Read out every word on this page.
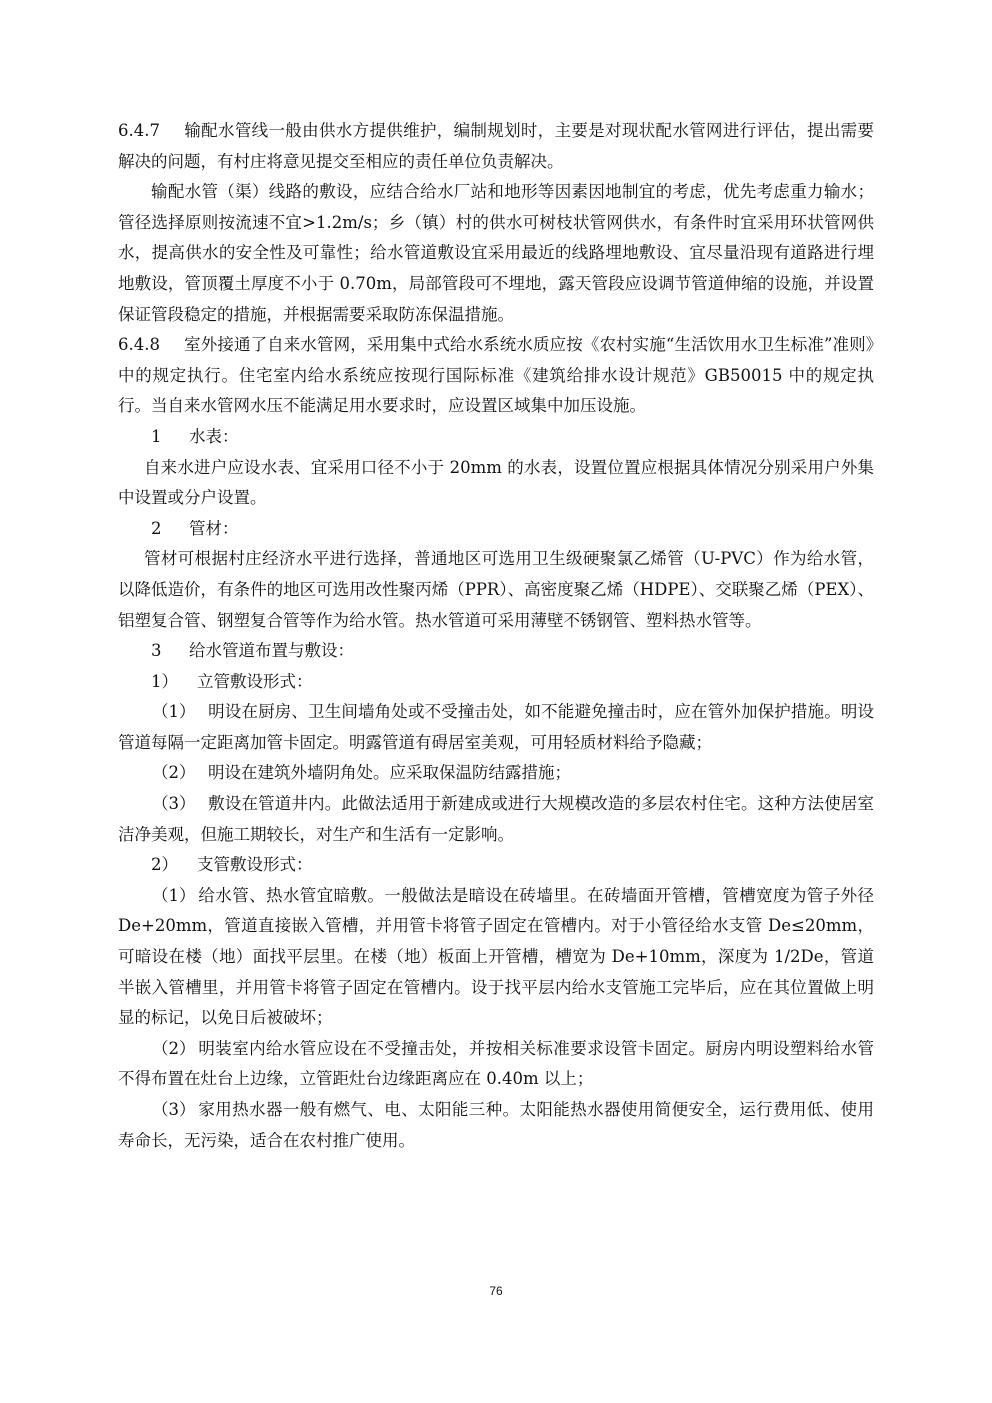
6.4.7 输配水管线一般由供水方提供维护，编制规划时，主要是对现状配水管网进行评估，提出需要解决的问题，有村庄将意见提交至相应的责任单位负责解决。

输配水管（渠）线路的敷设，应结合给水厂站和地形等因素因地制宜的考虑，优先考虑重力输水；管径选择原则按流速不宜>1.2m/s；乡（镇）村的供水可树枝状管网供水，有条件时宜采用环状管网供水，提高供水的安全性及可靠性；给水管道敷设宜采用最近的线路埋地敷设、宜尽量沿现有道路进行埋地敷设，管顶覆土厚度不小于 0.70m，局部管段可不埋地，露天管段应设调节管道伸缩的设施，并设置保证管段稳定的措施，并根据需要采取防冻保温措施。

6.4.8 室外接通了自来水管网，采用集中式给水系统水质应按《农村实施“生活饮用水卫生标准”准则》中的规定执行。住宅室内给水系统应按现行国际标准《建筑给排水设计规范》GB50015 中的规定执行。当自来水管网水压不能满足用水要求时，应设置区域集中加压设施。

1 水表：

自来水进户应设水表、宜采用口径不小于 20mm 的水表，设置位置应根据具体情况分别采用户外集中设置或分户设置。

2 管材：

管材可根据村庄经济水平进行选择，普通地区可选用卫生级硬聚氯乙烯管（U-PVC）作为给水管，以降低造价，有条件的地区可选用改性聚丙烯（PPR）、高密度聚乙烯（HDPE）、交联聚乙烯（PEX）、铝塑复合管、钢塑复合管等作为给水管。热水管道可采用薄壁不锈钢管、塑料热水管等。

3 给水管道布置与敷设：

1） 立管敷设形式：

（1） 明设在厨房、卫生间墙角处或不受撞击处，如不能避免撞击时，应在管外加保护措施。明设管道每隔一定距离加管卡固定。明露管道有碍居室美观，可用轻质材料给予隐藏；

（2） 明设在建筑外墙阴角处。应采取保温防结露措施；

（3） 敷设在管道井内。此做法适用于新建成或进行大规模改造的多层农村住宅。这种方法使居室洁净美观，但施工期较长，对生产和生活有一定影响。

2） 支管敷设形式：

（1） 给水管、热水管宜暗敷。一般做法是暗设在砖墙里。在砖墙面开管槽，管槽宽度为管子外径 De+20mm，管道直接嵌入管槽，并用管卡将管子固定在管槽内。对于小管径给水支管 De≤20mm，可暗设在楼（地）面找平层里。在楼（地）板面上开管槽，槽宽为 De+10mm，深度为 1/2De，管道半嵌入管槽里，并用管卡将管子固定在管槽内。设于找平层内给水支管施工完毕后，应在其位置做上明显的标记，以免日后被破坏；

（2） 明装室内给水管应设在不受撞击处，并按相关标准要求设管卡固定。厨房内明设塑料给水管不得布置在灶台上边缘，立管距灶台边缘距离应在 0.40m 以上；

（3） 家用热水器一般有燃气、电、太阳能三种。太阳能热水器使用简便安全，运行费用低、使用寿命长，无污染，适合在农村推广使用。

76
